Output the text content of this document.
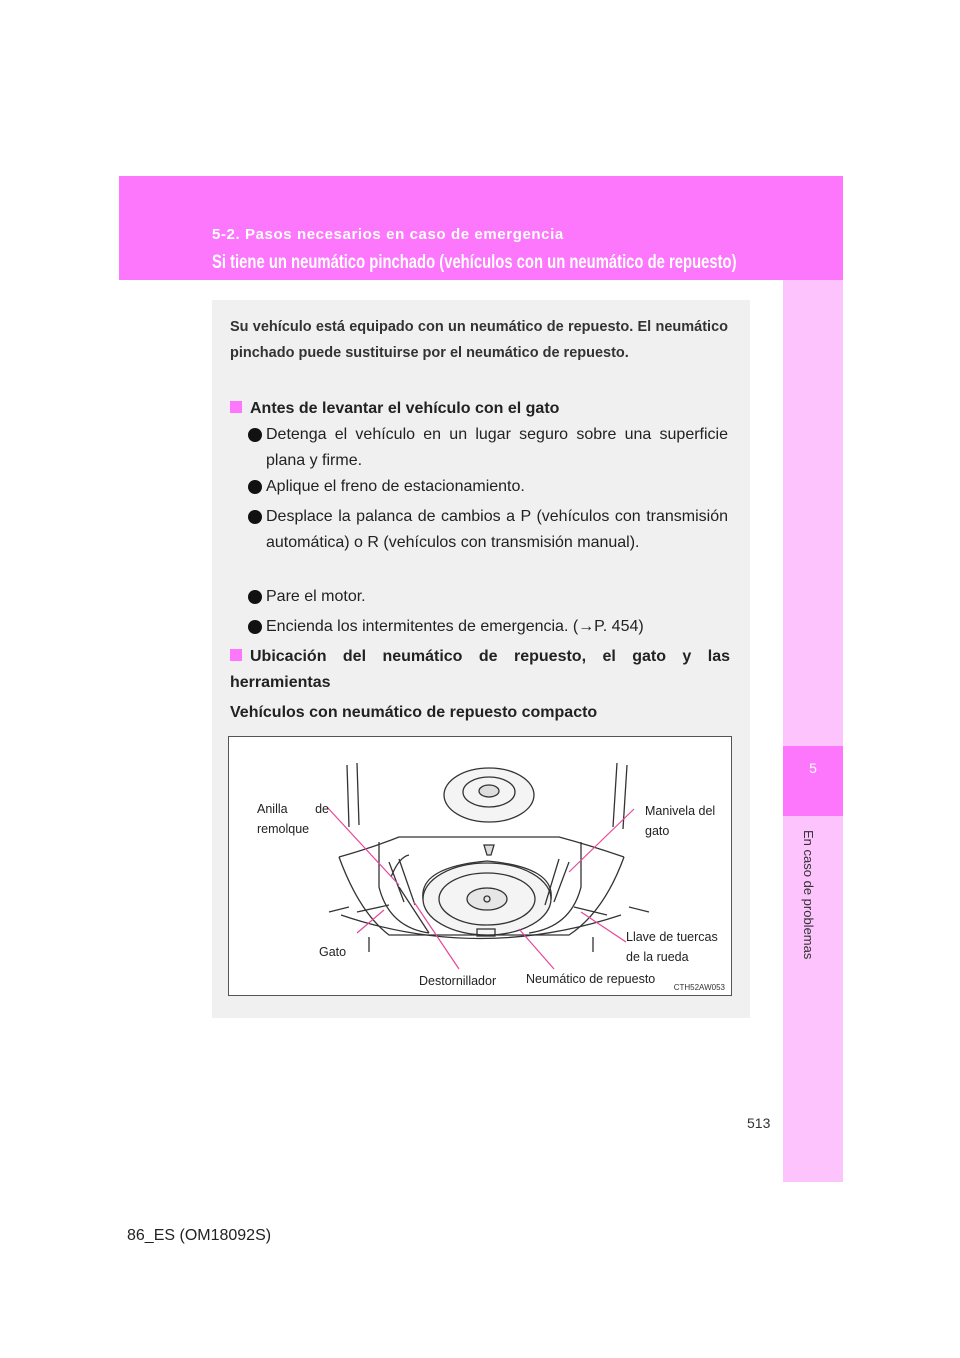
5-2. Pasos necesarios en caso de emergencia
Si tiene un neumático pinchado (vehículos con un neumático de repuesto)
5
En caso de problemas
Su vehículo está equipado con un neumático de repuesto. El neumático pinchado puede sustituirse por el neumático de repuesto.
Antes de levantar el vehículo con el gato
Detenga el vehículo en un lugar seguro sobre una superficie plana y firme.
Aplique el freno de estacionamiento.
Desplace la palanca de cambios a P (vehículos con transmisión automática) o R (vehículos con transmisión manual).
Pare el motor.
Encienda los intermitentes de emergencia. (→P. 454)
Ubicación del neumático de repuesto, el gato y las herramientas
Vehículos con neumático de repuesto compacto
Anilla de remolque
Manivela del gato
Llave de tuercas de la rueda
Gato
Destornillador Neumático de repuesto
CTH52AW053
513
86_ES (OM18092S)
